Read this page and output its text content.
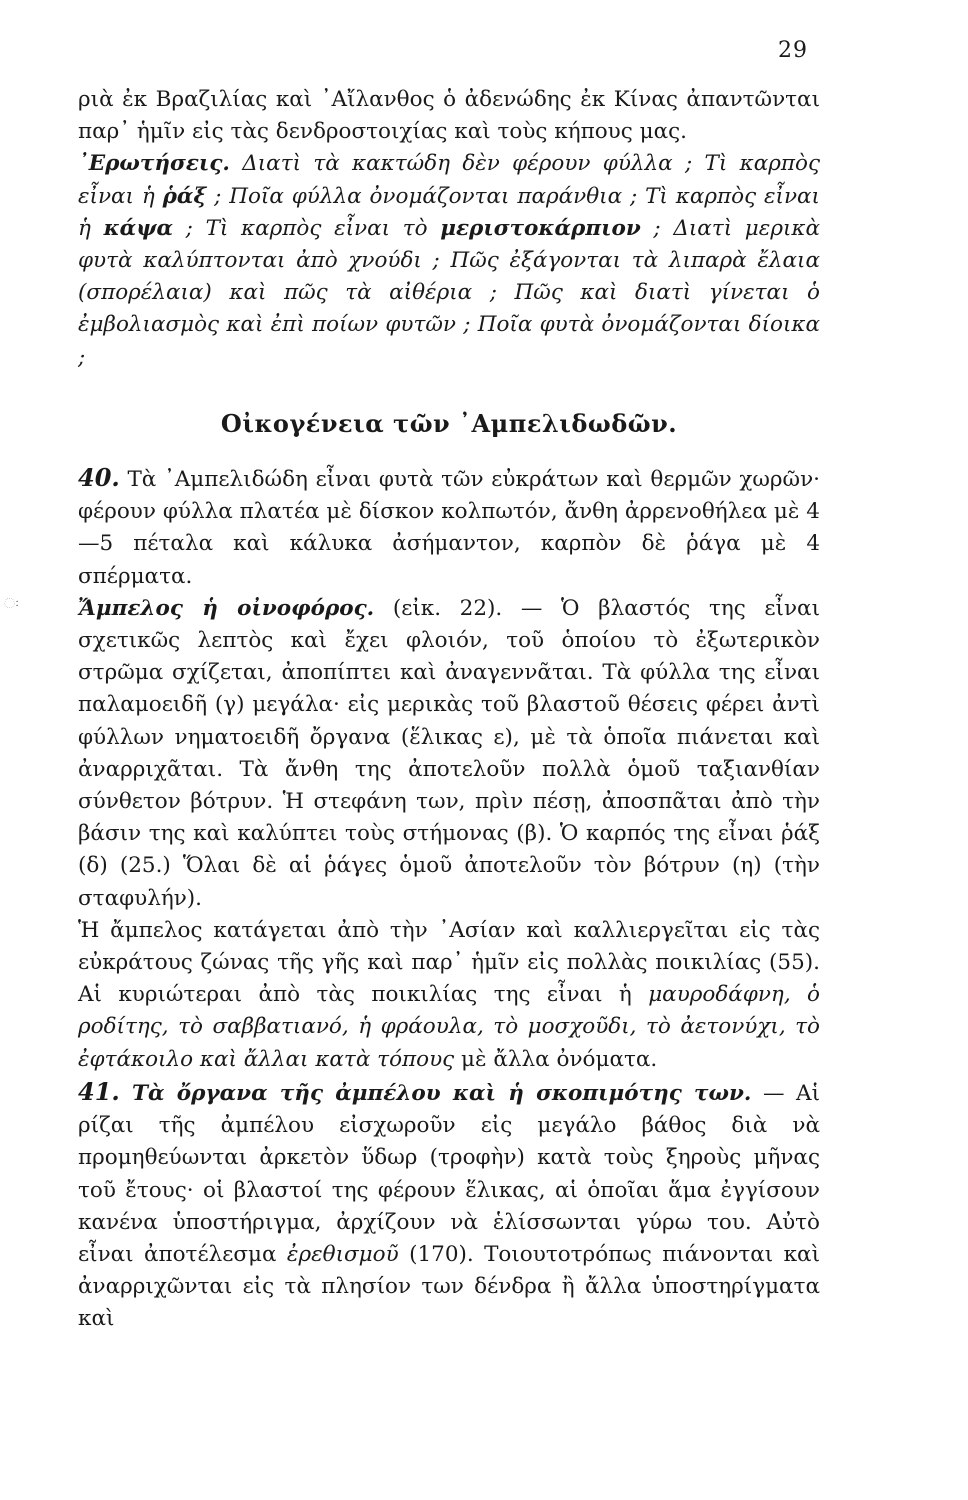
29
ઃ

ριὰ ἐκ Βραζιλίας καὶ ᾽Αἴλανθος ὁ ἀδενώδης ἐκ Κίνας ἀπαντῶνται παρ᾽ ἡμῖν εἰς τὰς δενδροστοιχίας καὶ τοὺς κήπους μας.

᾽Ερωτήσεις. Διατὶ τὰ κακτώδη δὲν φέρουν φύλλα ; Τὶ καρπὸς εἶναι ἡ ῥάξ ; Ποῖα φύλλα ὀνομάζονται παράνθια ; Τὶ καρπὸς εἶναι ἡ κάψα ; Τὶ καρπὸς εἶναι τὸ μεριστοκάρπιον ; Διατὶ μερικὰ φυτὰ καλύπτονται ἀπὸ χνούδι ; Πῶς ἐξάγονται τὰ λιπαρὰ ἔλαια (σπορέλαια) καὶ πῶς τὰ αἰθέρια ; Πῶς καὶ διατὶ γίνεται ὁ ἐμβολιασμὸς καὶ ἐπὶ ποίων φυτῶν ; Ποῖα φυτὰ ὀνομάζονται δίοικα ;

Οἰκογένεια τῶν ᾽Αμπελιδωδῶν.

40. Τὰ ᾽Αμπελιδώδη εἶναι φυτὰ τῶν εὐκράτων καὶ θερμῶν χωρῶν· φέρουν φύλλα πλατέα μὲ δίσκον κολπωτόν, ἄνθη ἀρρενοθήλεα μὲ 4—5 πέταλα καὶ κάλυκα ἀσήμαντον, καρπὸν δὲ ῥάγα μὲ 4 σπέρματα.

Ἄμπελος ἡ οἰνοφόρος. (εἰκ. 22). — Ὁ βλαστός της εἶναι σχετικῶς λεπτὸς καὶ ἔχει φλοιόν, τοῦ ὁποίου τὸ ἐξωτερικὸν στρῶμα σχίζεται, ἀποπίπτει καὶ ἀναγεννᾶται. Τὰ φύλλα της εἶναι παλαμοειδῆ (γ) μεγάλα· εἰς μερικὰς τοῦ βλαστοῦ θέσεις φέρει ἀντὶ φύλλων νηματοειδῆ ὄργανα (ἕλικας ε), μὲ τὰ ὁποῖα πιάνεται καὶ ἀναρριχᾶται. Τὰ ἄνθη της ἀποτελοῦν πολλὰ ὁμοῦ ταξιανθίαν σύνθετον βότρυν. Ἡ στεφάνη των, πρὶν πέσῃ, ἀποσπᾶται ἀπὸ τὴν βάσιν της καὶ καλύπτει τοὺς στήμονας (β). Ὁ καρπός της εἶναι ῥάξ (δ) (25.) Ὅλαι δὲ αἱ ῥάγες ὁμοῦ ἀποτελοῦν τὸν βότρυν (η) (τὴν σταφυλήν).

Ἡ ἄμπελος κατάγεται ἀπὸ τὴν ᾽Ασίαν καὶ καλλιεργεῖται εἰς τὰς εὐκράτους ζώνας τῆς γῆς καὶ παρ᾽ ἡμῖν εἰς πολλὰς ποικιλίας (55). Αἱ κυριώτεραι ἀπὸ τὰς ποικιλίας της εἶναι ἡ μαυροδάφνη, ὁ ροδίτης, τὸ σαββατιανό, ἡ φράουλα, τὸ μοσχοῦδι, τὸ ἀετονύχι, τὸ ἐφτάκοιλο καὶ ἄλλαι κατὰ τόπους μὲ ἄλλα ὀνόματα.

41. Τὰ ὄργανα τῆς ἀμπέλου καὶ ἡ σκοπιμότης των. — Αἱ ρίζαι τῆς ἀμπέλου εἰσχωροῦν εἰς μεγάλο βάθος διὰ νὰ προμηθεύωνται ἀρκετὸν ὕδωρ (τροφὴν) κατὰ τοὺς ξηροὺς μῆνας τοῦ ἔτους· οἱ βλαστοί της φέρουν ἕλικας, αἱ ὁποῖαι ἅμα ἐγγίσουν κανένα ὑποστήριγμα, ἀρχίζουν νὰ ἑλίσσωνται γύρω του. Αὐτὸ εἶναι ἀποτέλεσμα ἐρεθισμοῦ (170). Τοιουτοτρόπως πιάνονται καὶ ἀναρριχῶνται εἰς τὰ πλησίον των δένδρα ἢ ἄλλα ὑποστηρίγματα καὶ
